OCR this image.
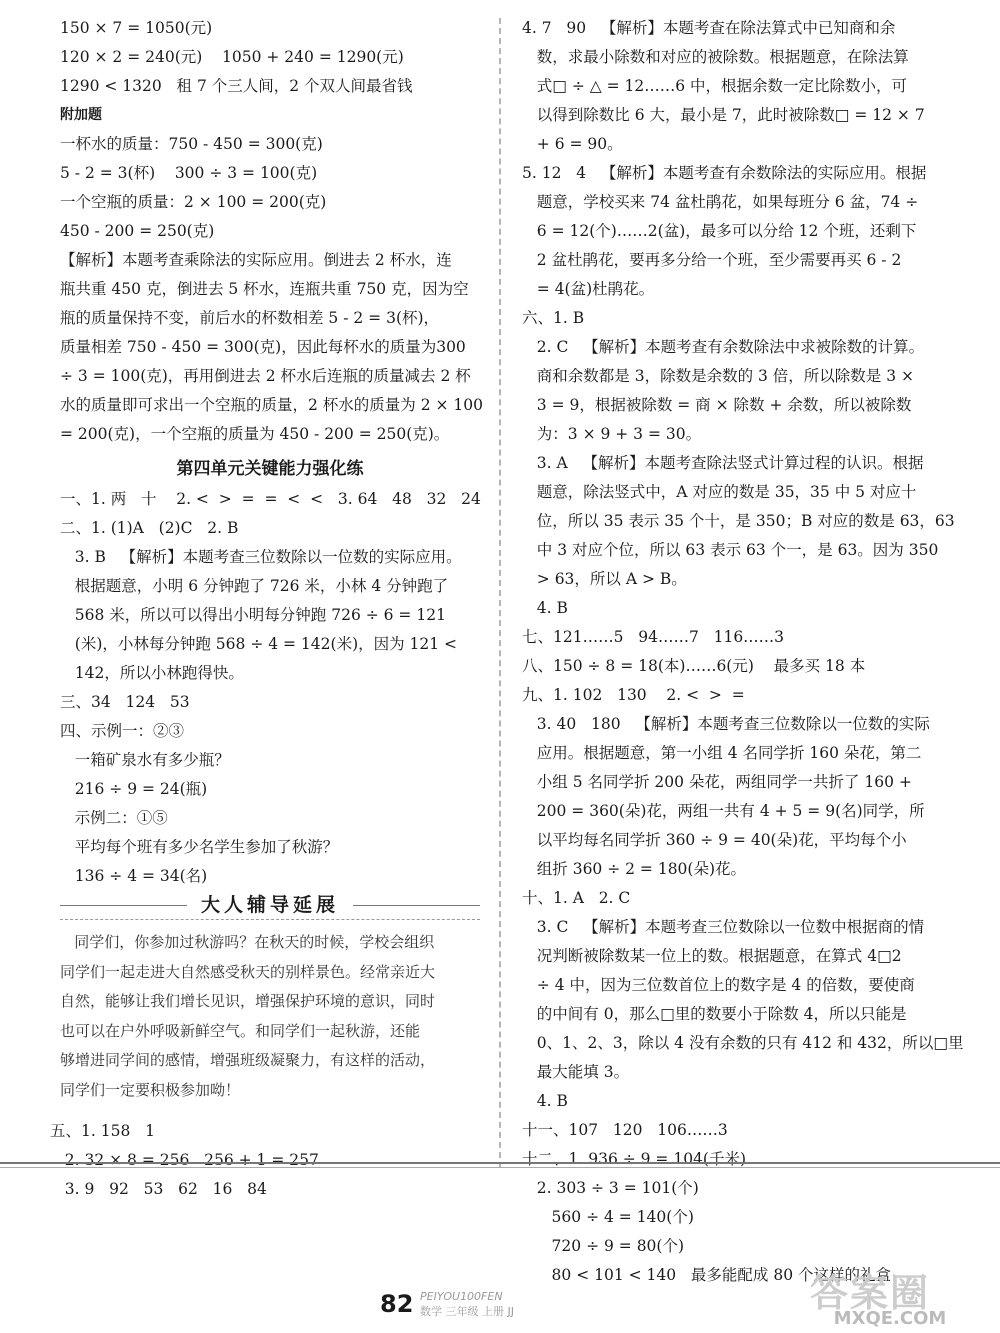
150 × 7 = 1050(元)
120 × 2 = 240(元)    1050 + 240 = 1290(元)
1290 < 1320   租 7 个三人间，2 个双人间最省钱
附加题
一杯水的质量：750 - 450 = 300(克)
5 - 2 = 3(杯)    300 ÷ 3 = 100(克)
一个空瓶的质量：2 × 100 = 200(克)
450 - 200 = 250(克)
【解析】本题考查乘除法的实际应用。倒进去 2 杯水，连
瓶共重 450 克，倒进去 5 杯水，连瓶共重 750 克，因为空
瓶的质量保持不变，前后水的杯数相差 5 - 2 = 3(杯)，
质量相差 750 - 450 = 300(克)，因此每杯水的质量为300
÷ 3 = 100(克)，再用倒进去 2 杯水后连瓶的质量减去 2 杯
水的质量即可求出一个空瓶的质量，2 杯水的质量为 2 × 100
= 200(克)，一个空瓶的质量为 450 - 200 = 250(克)。
第四单元关键能力强化练
一、1. 两   十    2. <  >  =  =  <  <   3. 64   48   32   24
二、1. (1)A   (2)C   2. B
3. B   【解析】本题考查三位数除以一位数的实际应用。
根据题意，小明 6 分钟跑了 726 米，小林 4 分钟跑了
568 米，所以可以得出小明每分钟跑 726 ÷ 6 = 121
(米)，小林每分钟跑 568 ÷ 4 = 142(米)，因为 121 <
142，所以小林跑得快。
三、34   124   53
四、示例一：②③
一箱矿泉水有多少瓶？
216 ÷ 9 = 24(瓶)
示例二：①⑤
平均每个班有多少名学生参加了秋游？
136 ÷ 4 = 34(名)
大人辅导延展
同学们，你参加过秋游吗？在秋天的时候，学校会组织
同学们一起走进大自然感受秋天的别样景色。经常亲近大
自然，能够让我们增长见识，增强保护环境的意识，同时
也可以在户外呼吸新鲜空气。和同学们一起秋游，还能
够增进同学间的感情，增强班级凝聚力，有这样的活动，
同学们一定要积极参加呦！
五、1. 158   1
2. 32 × 8 = 256   256 + 1 = 257
3. 9   92   53   62   16   84
4. 7   90   【解析】本题考查在除法算式中已知商和余
数，求最小除数和对应的被除数。根据题意，在除法算
式□ ÷ △ = 12……6 中，根据余数一定比除数小，可
以得到除数比 6 大，最小是 7，此时被除数□ = 12 × 7
+ 6 = 90。
5. 12   4   【解析】本题考查有余数除法的实际应用。根据
题意，学校买来 74 盆杜鹃花，如果每班分 6 盆，74 ÷
6 = 12(个)……2(盆)，最多可以分给 12 个班，还剩下
2 盆杜鹃花，要再多分给一个班，至少需要再买 6 - 2
= 4(盆)杜鹃花。
六、1. B
2. C   【解析】本题考查有余数除法中求被除数的计算。
商和余数都是 3，除数是余数的 3 倍，所以除数是 3 ×
3 = 9，根据被除数 = 商 × 除数 + 余数，所以被除数
为：3 × 9 + 3 = 30。
3. A   【解析】本题考查除法竖式计算过程的认识。根据
题意，除法竖式中，A 对应的数是 35，35 中 5 对应十
位，所以 35 表示 35 个十，是 350；B 对应的数是 63，63
中 3 对应个位，所以 63 表示 63 个一，是 63。因为 350
> 63，所以 A > B。
4. B
七、121……5   94……7   116……3
八、150 ÷ 8 = 18(本)……6(元)    最多买 18 本
九、1. 102   130    2. <  >  =
3. 40   180   【解析】本题考查三位数除以一位数的实际
应用。根据题意，第一小组 4 名同学折 160 朵花，第二
小组 5 名同学折 200 朵花，两组同学一共折了 160 +
200 = 360(朵)花，两组一共有 4 + 5 = 9(名)同学，所
以平均每名同学折 360 ÷ 9 = 40(朵)花，平均每个小
组折 360 ÷ 2 = 180(朵)花。
十、1. A   2. C
3. C   【解析】本题考查三位数除以一位数中根据商的情
况判断被除数某一位上的数。根据题意，在算式 4□2
÷ 4 中，因为三位数首位上的数字是 4 的倍数，要使商
的中间有 0，那么□里的数要小于除数 4，所以只能是
0、1、2、3，除以 4 没有余数的只有 412 和 432，所以□里
最大能填 3。
4. B
十一、107   120   106……3
十二、1. 936 ÷ 9 = 104(千米)
2. 303 ÷ 3 = 101(个)
560 ÷ 4 = 140(个)
720 ÷ 9 = 80(个)
80 < 101 < 140   最多能配成 80 个这样的礼盒
82 PEIYOU100FEN
数学 三年级 上册 JJ	答案圈
MXQE.COM
